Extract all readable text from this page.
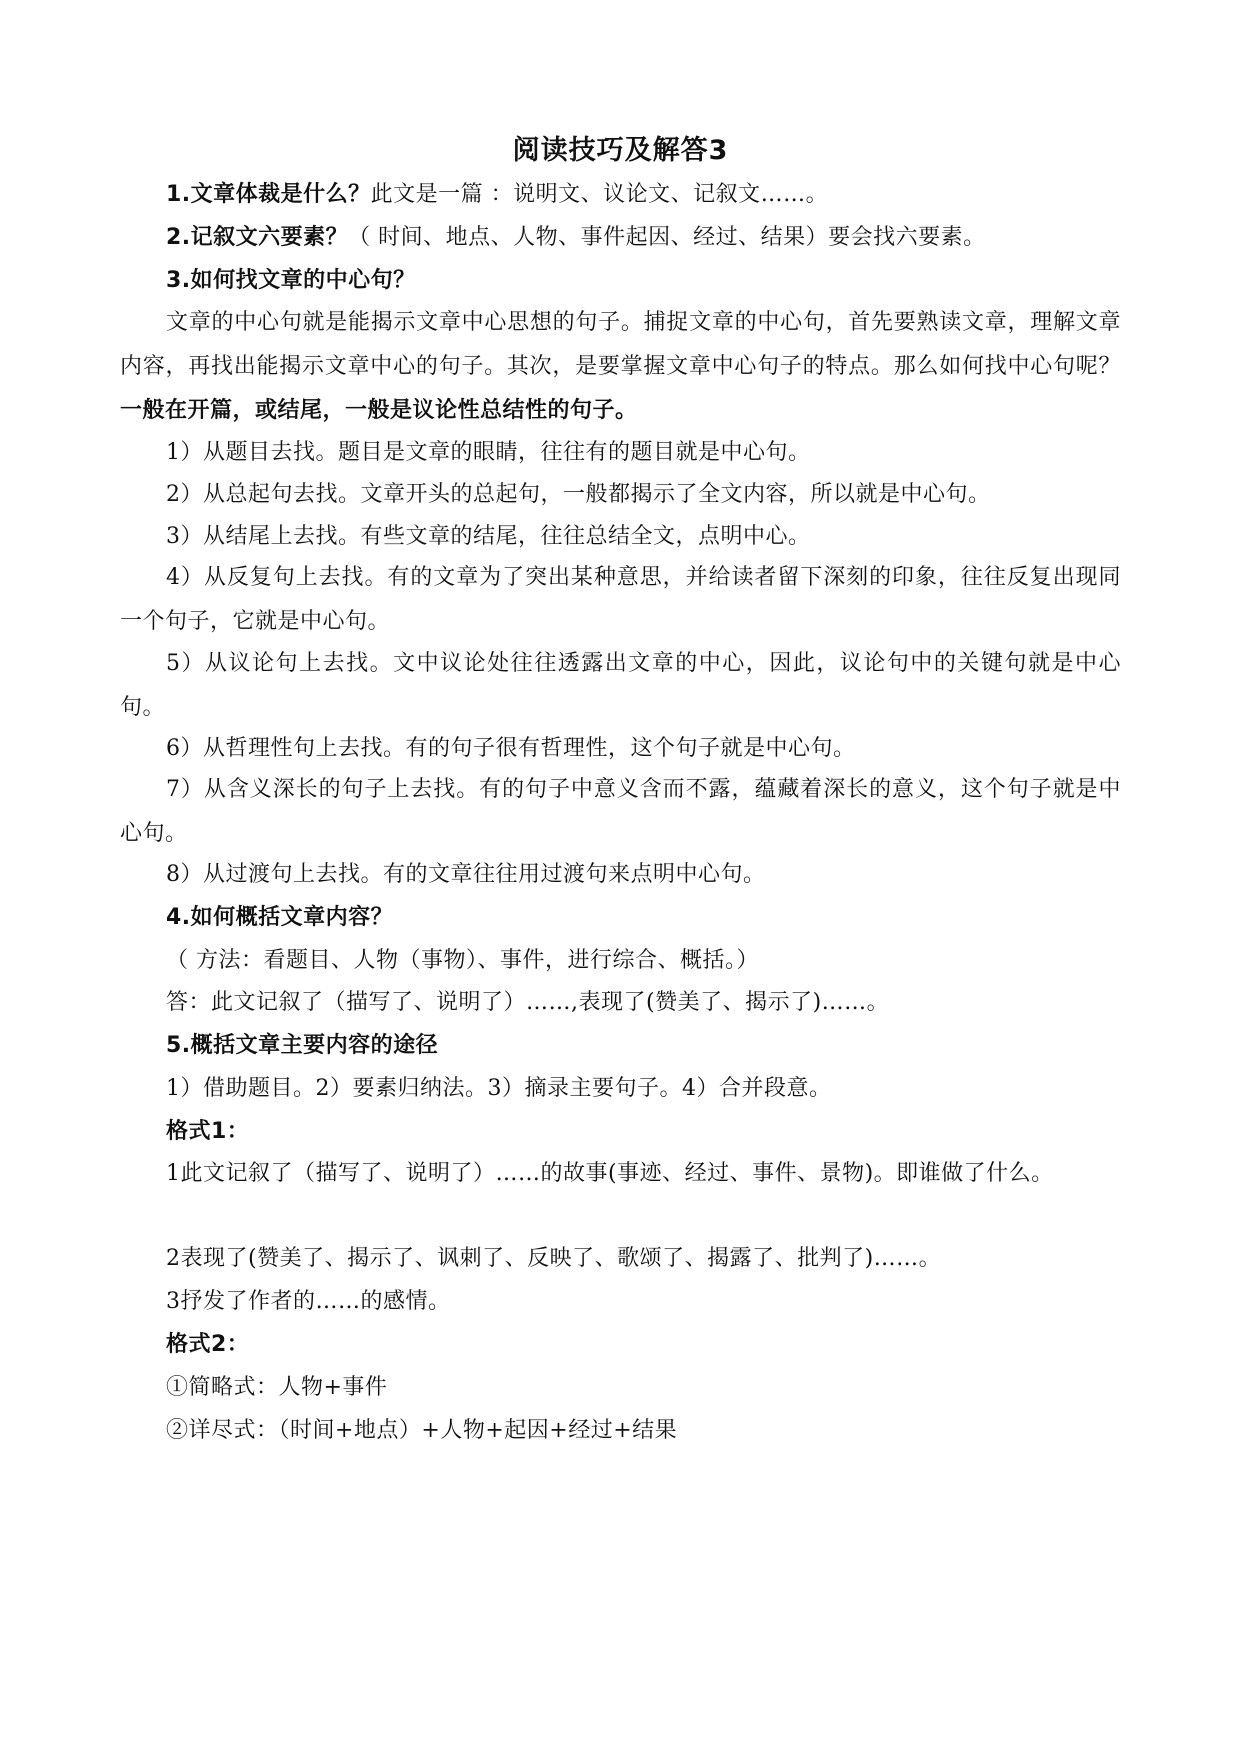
阅读技巧及解答3
1.文章体裁是什么？此文是一篇 ：说明文、议论文、记叙文……。
2.记叙文六要素？（ 时间、地点、人物、事件起因、经过、结果）要会找六要素。
3.如何找文章的中心句？
文章的中心句就是能揭示文章中心思想的句子。捕捉文章的中心句，首先要熟读文章，理解文章内容，再找出能揭示文章中心的句子。其次，是要掌握文章中心句子的特点。那么如何找中心句呢？一般在开篇，或结尾，一般是议论性总结性的句子。
1）从题目去找。题目是文章的眼睛，往往有的题目就是中心句。
2）从总起句去找。文章开头的总起句，一般都揭示了全文内容，所以就是中心句。
3）从结尾上去找。有些文章的结尾，往往总结全文，点明中心。
4）从反复句上去找。有的文章为了突出某种意思，并给读者留下深刻的印象，往往反复出现同一个句子，它就是中心句。
5）从议论句上去找。文中议论处往往透露出文章的中心，因此，议论句中的关键句就是中心句。
6）从哲理性句上去找。有的句子很有哲理性，这个句子就是中心句。
7）从含义深长的句子上去找。有的句子中意义含而不露，蕴藏着深长的意义，这个句子就是中心句。
8）从过渡句上去找。有的文章往往用过渡句来点明中心句。
4.如何概括文章内容？
（ 方法：看题目、人物（事物）、事件，进行综合、概括。）
答：此文记叙了（描写了、说明了）……,表现了(赞美了、揭示了)……。
5.概括文章主要内容的途径
1）借助题目。2）要素归纳法。3）摘录主要句子。4）合并段意。
格式1：
1此文记叙了（描写了、说明了）……的故事(事迹、经过、事件、景物)。即谁做了什么。
2表现了(赞美了、揭示了、讽刺了、反映了、歌颂了、揭露了、批判了)……。
3抒发了作者的……的感情。
格式2：
①简略式：人物+事件
②详尽式：（时间+地点）+人物+起因+经过+结果
